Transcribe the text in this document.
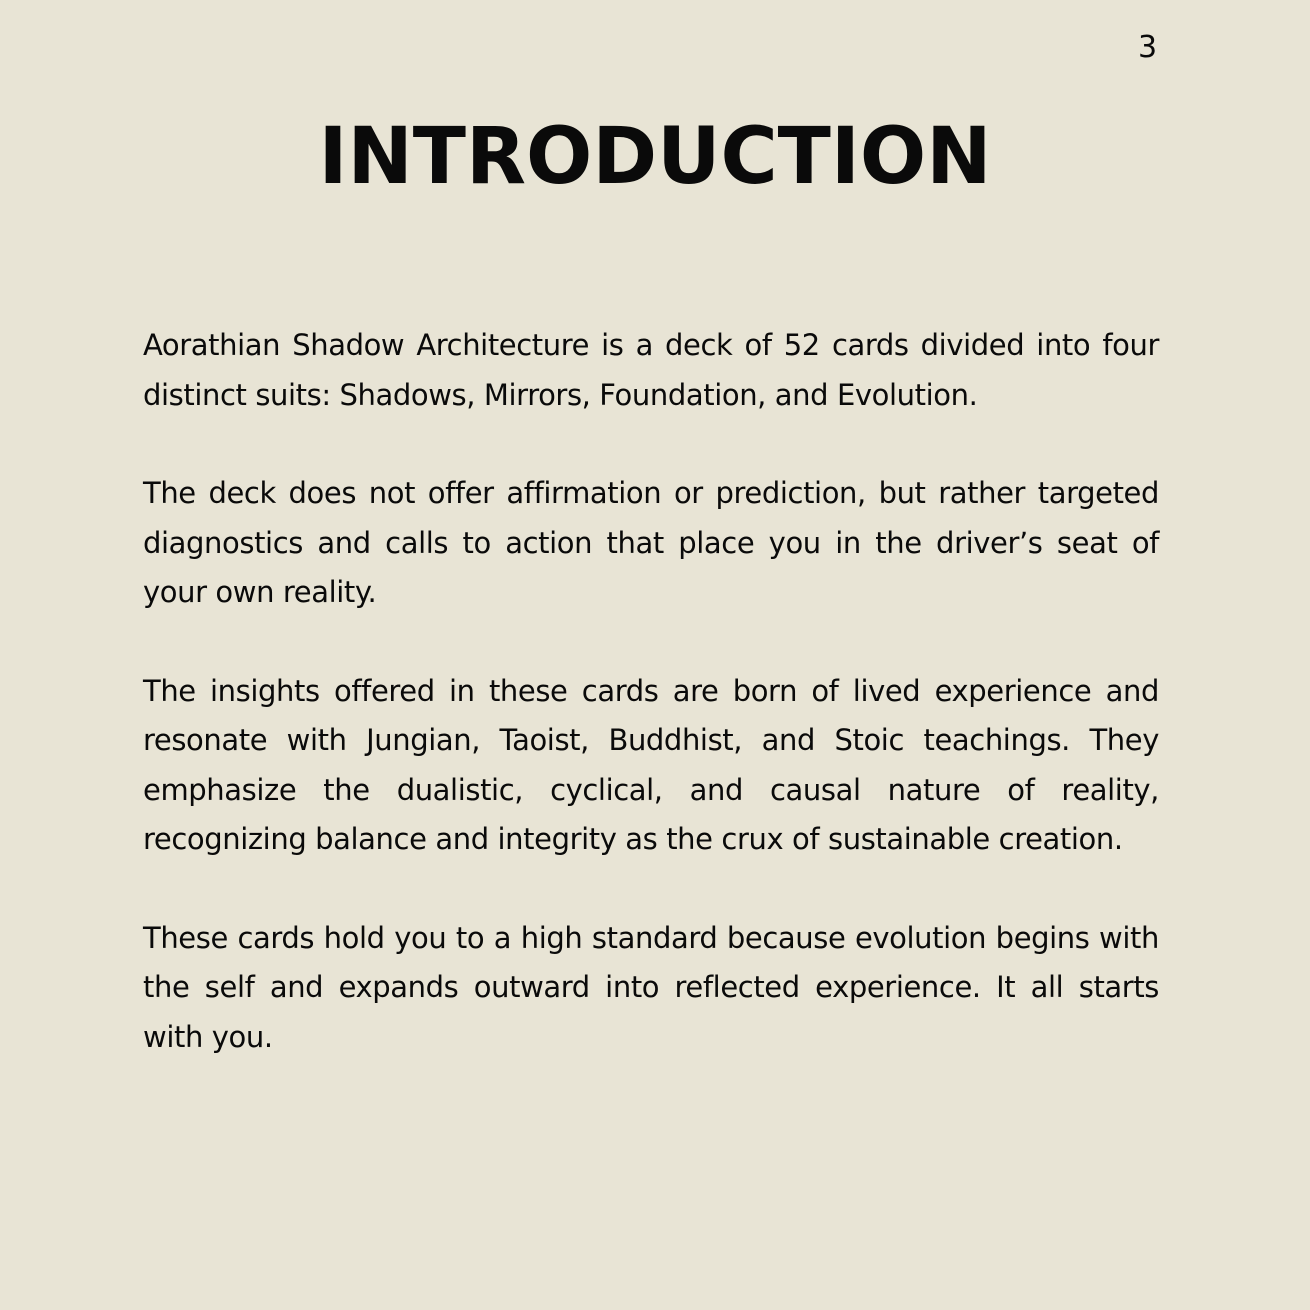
3
INTRODUCTION

Aorathian Shadow Architecture is a deck of 52 cards divided into four distinct suits: Shadows, Mirrors, Foundation, and Evolution.

The deck does not offer affirmation or prediction, but rather targeted diagnostics and calls to action that place you in the driver’s seat of your own reality.

The insights offered in these cards are born of lived experience and resonate with Jungian, Taoist, Buddhist, and Stoic teachings. They emphasize the dualistic, cyclical, and causal nature of reality, recognizing balance and integrity as the crux of sustainable creation.

These cards hold you to a high standard because evolution begins with the self and expands outward into reflected experience. It all starts with you.
